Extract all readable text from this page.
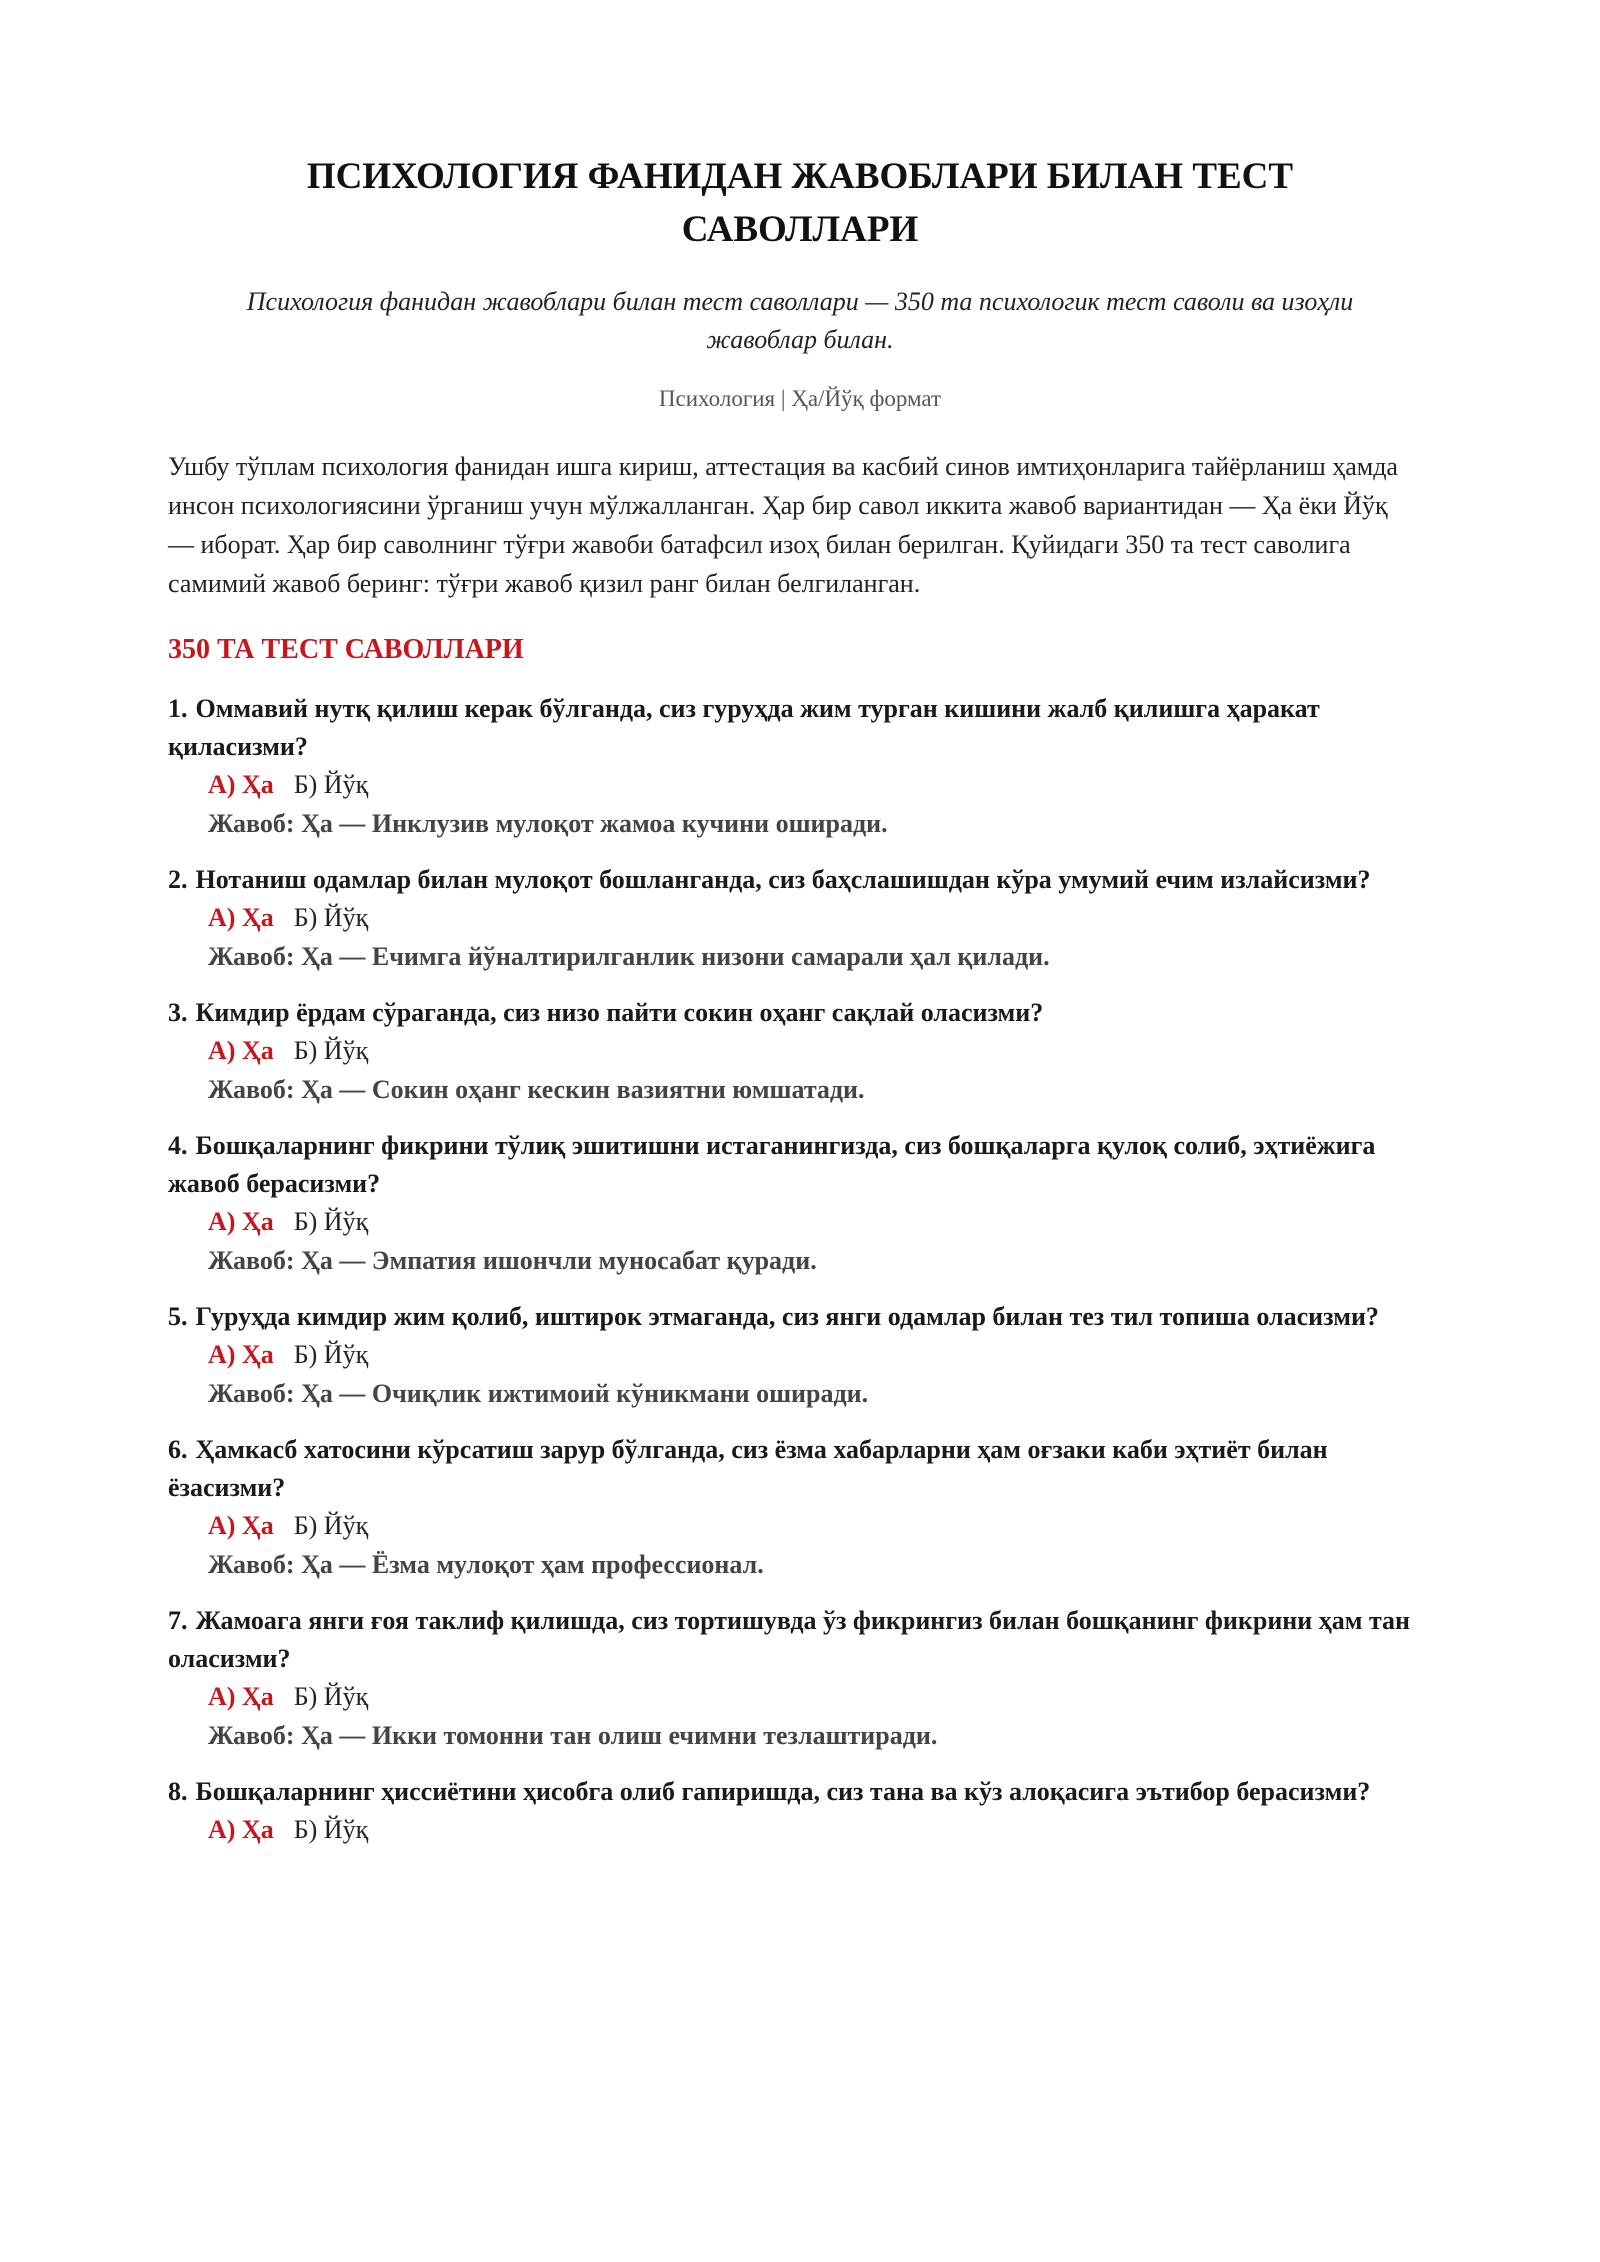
ПСИХОЛОГИЯ ФАНИДАН ЖАВОБЛАРИ БИЛАН ТЕСТ САВОЛЛАРИ
Психология фанидан жавоблари билан тест саволлари — 350 та психологик тест саволи ва изоҳли жавоблар билан.
Психология | Ҳа/Йўқ формат
Ушбу тўплам психология фанидан ишга кириш, аттестация ва касбий синов имтиҳонларига тайёрланиш ҳамда инсон психологиясини ўрганиш учун мўлжалланган. Ҳар бир савол иккита жавоб вариантидан — Ҳа ёки Йўқ — иборат. Ҳар бир саволнинг тўғри жавоби батафсил изоҳ билан берилган. Қуйидаги 350 та тест саволига самимий жавоб беринг: тўғри жавоб қизил ранг билан белгиланган.
350 ТА ТЕСТ САВОЛЛАРИ
1. Оммавий нутқ қилиш керак бўлганда, сиз гуруҳда жим турган кишини жалб қилишга ҳаракат қиласизми?
А) Ҳа Б) Йўқ
Жавоб: Ҳа — Инклузив мулоқот жамоа кучини оширади.
2. Нотаниш одамлар билан мулоқот бошланганда, сиз баҳслашишдан кўра умумий ечим излайсизми?
А) Ҳа Б) Йўқ
Жавоб: Ҳа — Ечимга йўналтирилганлик низони самарали ҳал қилади.
3. Кимдир ёрдам сўраганда, сиз низо пайти сокин оҳанг сақлай оласизми?
А) Ҳа Б) Йўқ
Жавоб: Ҳа — Сокин оҳанг кескин вазиятни юмшатади.
4. Бошқаларнинг фикрини тўлиқ эшитишни истаганингизда, сиз бошқаларга қулоқ солиб, эҳтиёжига жавоб берасизми?
А) Ҳа Б) Йўқ
Жавоб: Ҳа — Эмпатия ишончли муносабат қуради.
5. Гуруҳда кимдир жим қолиб, иштирок этмаганда, сиз янги одамлар билан тез тил топиша оласизми?
А) Ҳа Б) Йўқ
Жавоб: Ҳа — Очиқлик ижтимоий кўникмани оширади.
6. Ҳамкасб хатосини кўрсатиш зарур бўлганда, сиз ёзма хабарларни ҳам оғзаки каби эҳтиёт билан ёзасизми?
А) Ҳа Б) Йўқ
Жавоб: Ҳа — Ёзма мулоқот ҳам профессионал.
7. Жамоага янги ғоя таклиф қилишда, сиз тортишувда ўз фикрингиз билан бошқанинг фикрини ҳам тан оласизми?
А) Ҳа Б) Йўқ
Жавоб: Ҳа — Икки томонни тан олиш ечимни тезлаштиради.
8. Бошқаларнинг ҳиссиётини ҳисобга олиб гапиришда, сиз тана ва кўз алоқасига эътибор берасизми?
А) Ҳа Б) Йўқ
